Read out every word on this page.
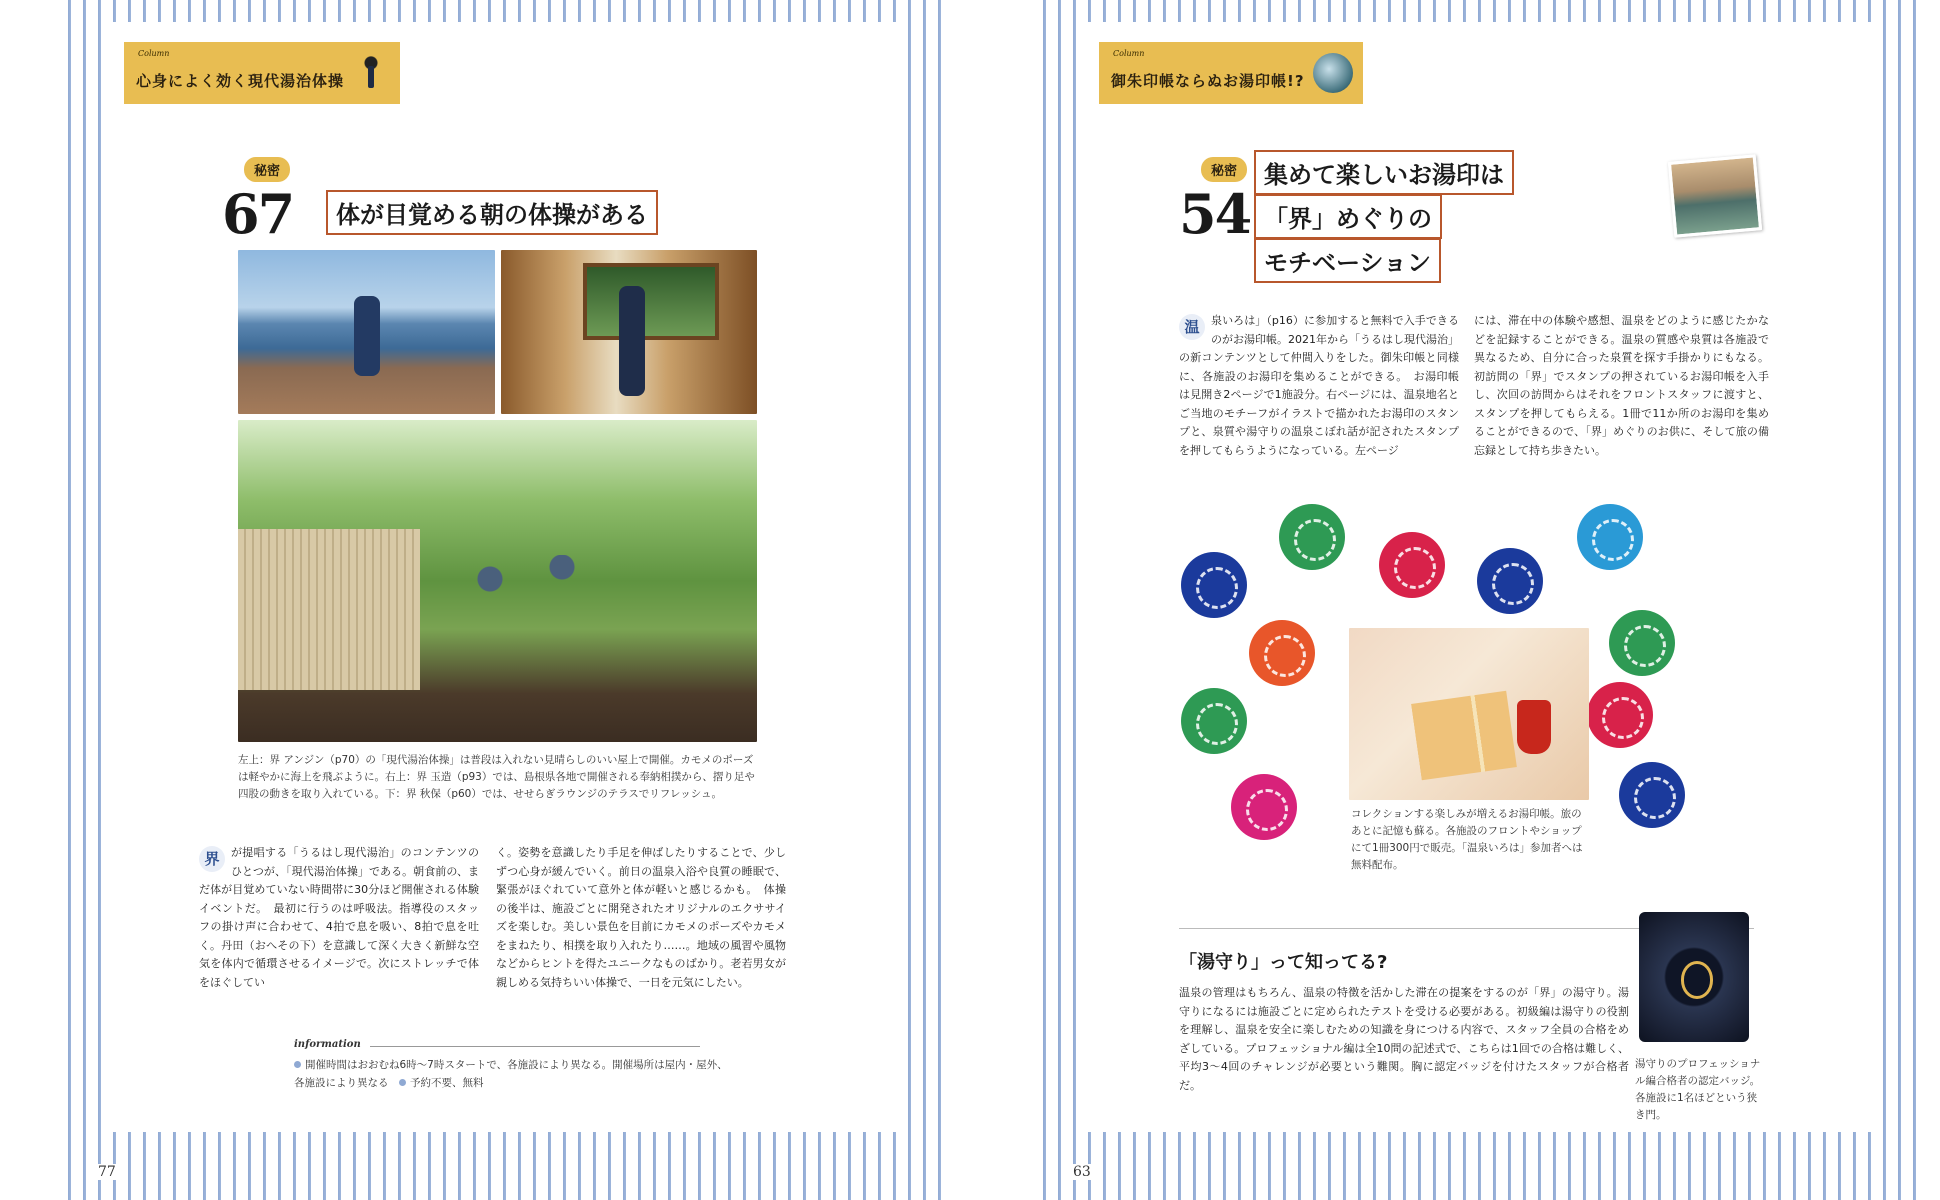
Column
心身によく効く現代湯治体操
秘密
67	体が目覚める朝の体操がある
左上：界 アンジン（p70）の「現代湯治体操」は普段は入れない見晴らしのいい屋上で開催。カモメのポーズは軽やかに海上を飛ぶように。右上：界 玉造（p93）では、島根県各地で開催される奉納相撲から、摺り足や四股の動きを取り入れている。下：界 秋保（p60）では、せせらぎラウンジのテラスでリフレッシュ。
界	が提唱する「うるはし現代湯治」のコンテンツのひとつが、「現代湯治体操」である。朝食前の、まだ体が目覚めていない時間帯に30分ほど開催される体験イベントだ。　最初に行うのは呼吸法。指導役のスタッフの掛け声に合わせて、4拍で息を吸い、8拍で息を吐く。丹田（おへその下）を意識して深く大きく新鮮な空気を体内で循環させるイメージで。次にストレッチで体をほぐしてい
く。姿勢を意識したり手足を伸ばしたりすることで、少しずつ心身が緩んでいく。前日の温泉入浴や良質の睡眠で、緊張がほぐれていて意外と体が軽いと感じるかも。　体操の後半は、施設ごとに開発されたオリジナルのエクササイズを楽しむ。美しい景色を目前にカモメのポーズやカモメをまねたり、相撲を取り入れたり……。地域の風習や風物などからヒントを得たユニークなものばかり。老若男女が親しめる気持ちいい体操で、一日を元気にしたい。
information
開催時間はおおむね6時〜7時スタートで、各施設により異なる。開催場所は屋内・屋外、
各施設により異なる　 予約不要、無料
77
Column
御朱印帳ならぬお湯印帳!?
秘密
54
集めて楽しいお湯印は
「界」めぐりの
モチベーション
温	泉いろは」（p16）に参加すると無料で入手できるのがお湯印帳。2021年から「うるはし現代湯治」の新コンテンツとして仲間入りをした。御朱印帳と同様に、各施設のお湯印を集めることができる。　お湯印帳は見開き2ページで1施設分。右ページには、温泉地名とご当地のモチーフがイラストで描かれたお湯印のスタンプと、泉質や湯守りの温泉こぼれ話が記されたスタンプを押してもらうようになっている。左ページ
には、滞在中の体験や感想、温泉をどのように感じたかなどを記録することができる。温泉の質感や泉質は各施設で異なるため、自分に合った泉質を探す手掛かりにもなる。初訪問の「界」でスタンプの押されているお湯印帳を入手し、次回の訪問からはそれをフロントスタッフに渡すと、スタンプを押してもらえる。1冊で11か所のお湯印を集めることができるので、「界」めぐりのお供に、そして旅の備忘録として持ち歩きたい。
コレクションする楽しみが増えるお湯印帳。旅のあとに記憶も蘇る。各施設のフロントやショップにて1冊300円で販売。「温泉いろは」参加者へは無料配布。
「湯守り」って知ってる?
温泉の管理はもちろん、温泉の特徴を活かした滞在の提案をするのが「界」の湯守り。湯守りになるには施設ごとに定められたテストを受ける必要がある。初級編は湯守りの役割を理解し、温泉を安全に楽しむための知識を身につける内容で、スタッフ全員の合格をめざしている。プロフェッショナル編は全10問の記述式で、こちらは1回での合格は難しく、平均3〜4回のチャレンジが必要という難関。胸に認定バッジを付けたスタッフが合格者だ。
湯守りのプロフェッショナル編合格者の認定バッジ。各施設に1名ほどという狭き門。
63
